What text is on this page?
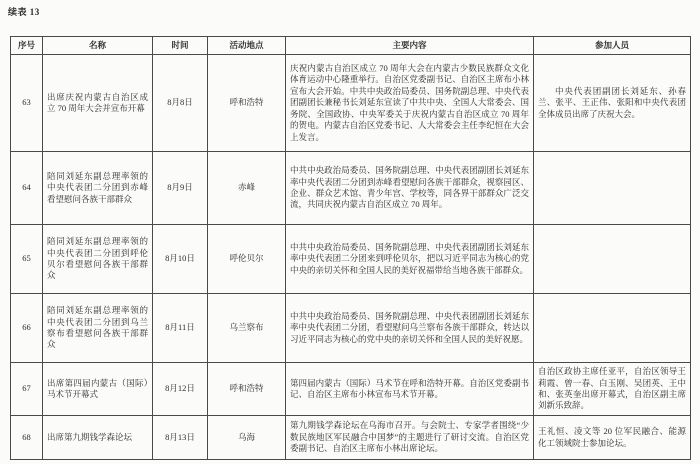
续表 13
序号	名称	时间	活动地点	主要内容	参加人员
63	出席庆祝内蒙古自治区成立 70 周年大会并宣布开幕	8月8日	呼和浩特	庆祝内蒙古自治区成立 70 周年大会在内蒙古少数民族群众文化体育运动中心隆重举行。自治区党委副书记、自治区主席布小林宣布大会开始。中共中央政治局委员、国务院副总理、中央代表团副团长兼秘书长刘延东宣读了中共中央、全国人大常委会、国务院、全国政协、中央军委关于庆祝内蒙古自治区成立 70 周年的贺电。内蒙古自治区党委书记、人大常委会主任李纪恒在大会上发言。	中央代表团副团长刘延东、孙春兰、张平、王正伟、张阳和中央代表团全体成员出席了庆祝大会。
64	陪同刘延东副总理率领的中央代表团二分团到赤峰看望慰问各族干部群众	8月9日	赤峰	中共中央政治局委员、国务院副总理、中央代表团副团长刘延东率中央代表团二分团到赤峰看望慰问各族干部群众，视察园区、企业、群众艺术馆、青少年宫、学校等，同各界干部群众广泛交流，共同庆祝内蒙古自治区成立 70 周年。	
65	陪同刘延东副总理率领的中央代表团二分团到呼伦贝尔看望慰问各族干部群众	8月10日	呼伦贝尔	中共中央政治局委员、国务院副总理、中央代表团副团长刘延东率中央代表团二分团来到呼伦贝尔，把以习近平同志为核心的党中央的亲切关怀和全国人民的美好祝福带给当地各族干部群众。	
66	陪同刘延东副总理率领的中央代表团二分团到乌兰察布看望慰问各族干部群众	8月11日	乌兰察布	中共中央政治局委员、国务院副总理、中央代表团副团长刘延东率中央代表团二分团，看望慰问乌兰察布各族干部群众，转达以习近平同志为核心的党中央的亲切关怀和全国人民的美好祝愿。	
67	出席第四届内蒙古（国际）马术节开幕式	8月12日	呼和浩特	第四届内蒙古（国际）马术节在呼和浩特开幕。自治区党委副书记、自治区主席布小林宣布马术节开幕。	自治区政协主席任亚平，自治区领导王莉霞、曾一春、白玉刚、吴团英、王中和、张英奎出席开幕式，自治区副主席刘新乐致辞。
68	出席第九期钱学森论坛	8月13日	乌海	第九期钱学森论坛在乌海市召开。与会院士、专家学者围绕“少数民族地区军民融合中国梦”的主题进行了研讨交流。自治区党委副书记、自治区主席布小林出席论坛。	王礼恒、凌文等 20 位军民融合、能源化工领域院士参加论坛。
